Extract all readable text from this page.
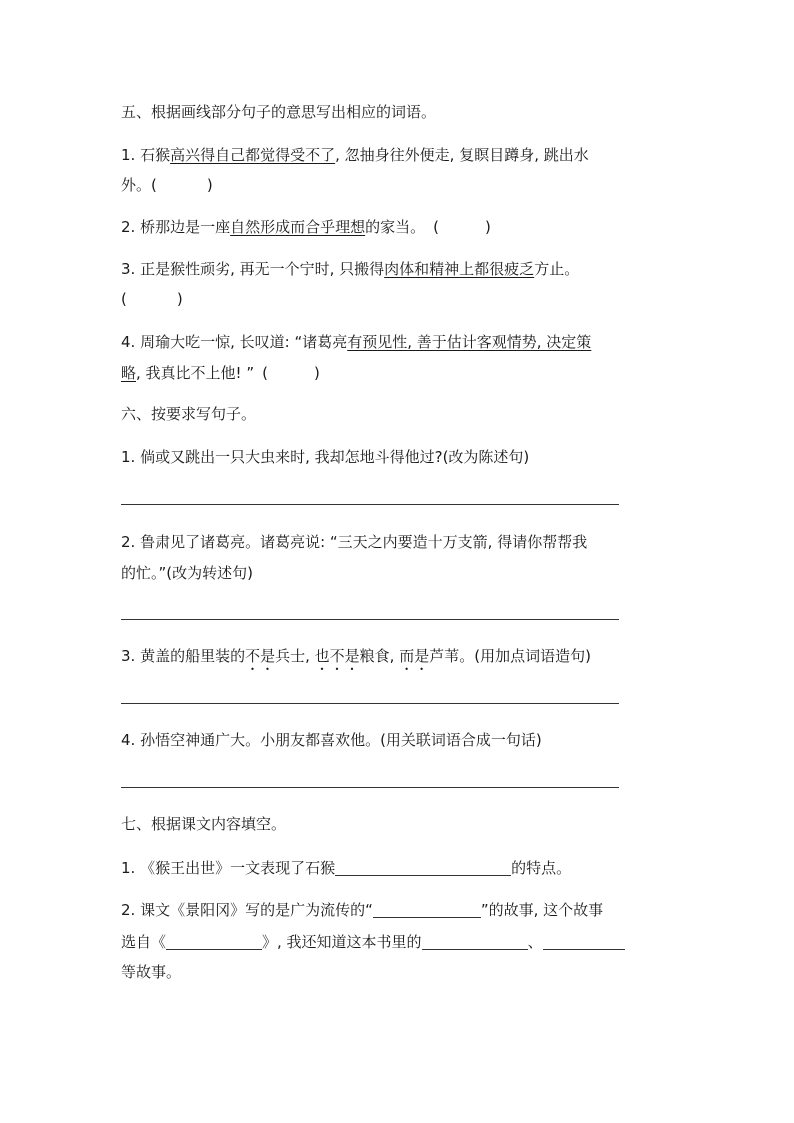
五、根据画线部分句子的意思写出相应的词语。
1. 石猴高兴得自己都觉得受不了, 忽抽身往外便走, 复瞑目蹲身, 跳出水
外。(	)
2. 桥那边是一座自然形成而合乎理想的家当。 (	)
3. 正是猴性顽劣, 再无一个宁时, 只搬得肉体和精神上都很疲乏方止。
(	)
4. 周瑜大吃一惊, 长叹道: “诸葛亮有预见性, 善于估计客观情势, 决定策
略, 我真比不上他! ” (	)
六、按要求写句子。
1. 倘或又跳出一只大虫来时, 我却怎地斗得他过?(改为陈述句)
2. 鲁肃见了诸葛亮。诸葛亮说: “三天之内要造十万支箭, 得请你帮帮我
的忙。”(改为转述句)
3. 黄盖的船里装的不是兵士, 也不是粮食, 而是芦苇。(用加点词语造句)
4. 孙悟空神通广大。小朋友都喜欢他。(用关联词语合成一句话)
七、根据课文内容填空。
1. 《猴王出世》一文表现了石猴	的特点。
2. 课文《景阳冈》写的是广为流传的“	”的故事, 这个故事
选自《	》, 我还知道这本书里的	、
等故事。
